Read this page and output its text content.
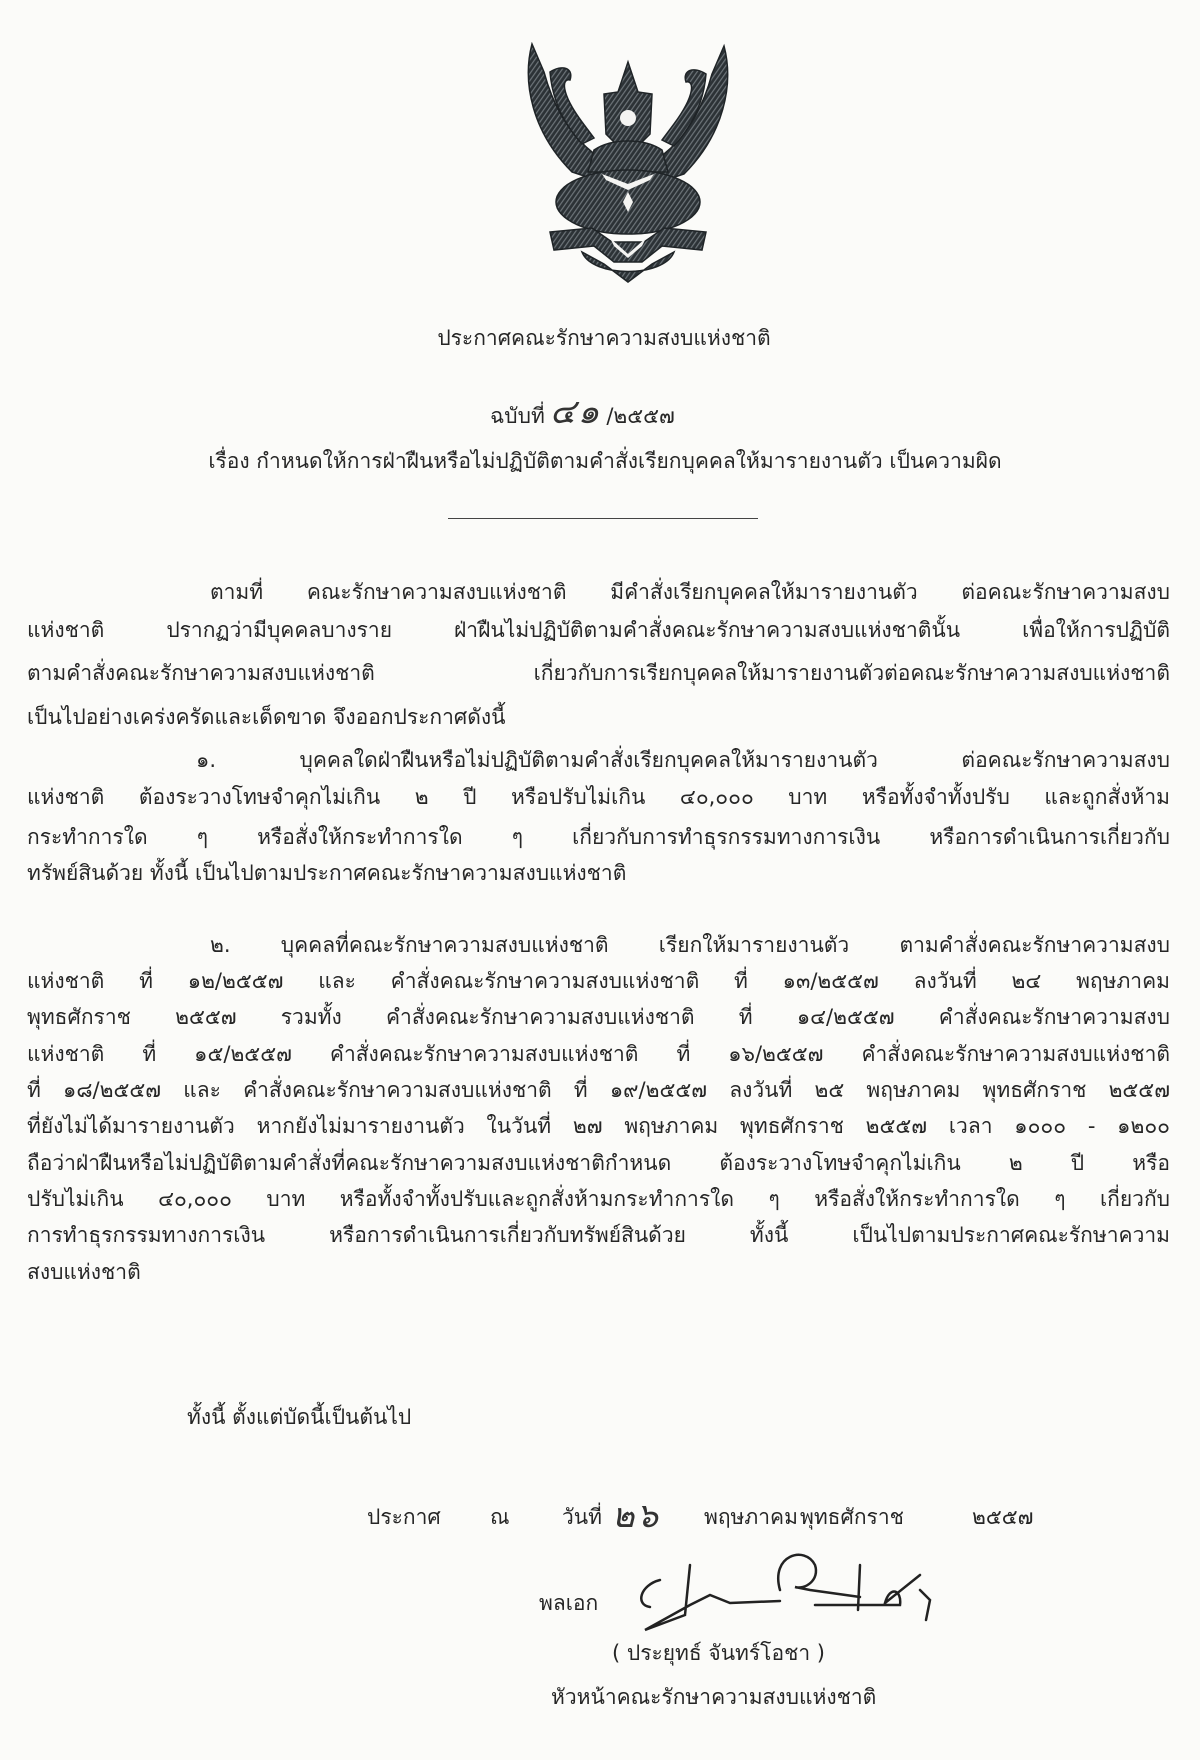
ประกาศคณะรักษาความสงบแห่งชาติ
ฉบับที่ ๔๑ /๒๕๕๗
เรื่อง กำหนดให้การฝ่าฝืนหรือไม่ปฏิบัติตามคำสั่งเรียกบุคคลให้มารายงานตัว เป็นความผิด
ตามที่ คณะรักษาความสงบแห่งชาติ มีคำสั่งเรียกบุคคลให้มารายงานตัว ต่อคณะรักษาความสงบ
แห่งชาติ ปรากฏว่ามีบุคคลบางราย ฝ่าฝืนไม่ปฏิบัติตามคำสั่งคณะรักษาความสงบแห่งชาตินั้น เพื่อให้การปฏิบัติ
ตามคำสั่งคณะรักษาความสงบแห่งชาติ เกี่ยวกับการเรียกบุคคลให้มารายงานตัวต่อคณะรักษาความสงบแห่งชาติ
เป็นไปอย่างเคร่งครัดและเด็ดขาด จึงออกประกาศดังนี้
๑. บุคคลใดฝ่าฝืนหรือไม่ปฏิบัติตามคำสั่งเรียกบุคคลให้มารายงานตัว ต่อคณะรักษาความสงบ
แห่งชาติ ต้องระวางโทษจำคุกไม่เกิน ๒ ปี หรือปรับไม่เกิน ๔๐,๐๐๐ บาท หรือทั้งจำทั้งปรับ และถูกสั่งห้าม
กระทำการใด ๆ หรือสั่งให้กระทำการใด ๆ เกี่ยวกับการทำธุรกรรมทางการเงิน หรือการดำเนินการเกี่ยวกับ
ทรัพย์สินด้วย ทั้งนี้ เป็นไปตามประกาศคณะรักษาความสงบแห่งชาติ
๒. บุคคลที่คณะรักษาความสงบแห่งชาติ เรียกให้มารายงานตัว ตามคำสั่งคณะรักษาความสงบ
แห่งชาติ ที่ ๑๒/๒๕๕๗ และ คำสั่งคณะรักษาความสงบแห่งชาติ ที่ ๑๓/๒๕๕๗ ลงวันที่ ๒๔ พฤษภาคม
พุทธศักราช ๒๕๕๗ รวมทั้ง คำสั่งคณะรักษาความสงบแห่งชาติ ที่ ๑๔/๒๕๕๗ คำสั่งคณะรักษาความสงบ
แห่งชาติ ที่ ๑๕/๒๕๕๗ คำสั่งคณะรักษาความสงบแห่งชาติ ที่ ๑๖/๒๕๕๗ คำสั่งคณะรักษาความสงบแห่งชาติ
ที่ ๑๘/๒๕๕๗ และ คำสั่งคณะรักษาความสงบแห่งชาติ ที่ ๑๙/๒๕๕๗ ลงวันที่ ๒๕ พฤษภาคม พุทธศักราช ๒๕๕๗
ที่ยังไม่ได้มารายงานตัว หากยังไม่มารายงานตัว ในวันที่ ๒๗ พฤษภาคม พุทธศักราช ๒๕๕๗ เวลา ๑๐๐๐ - ๑๒๐๐
ถือว่าฝ่าฝืนหรือไม่ปฏิบัติตามคำสั่งที่คณะรักษาความสงบแห่งชาติกำหนด ต้องระวางโทษจำคุกไม่เกิน ๒ ปี หรือ
ปรับไม่เกิน ๔๐,๐๐๐ บาท หรือทั้งจำทั้งปรับและถูกสั่งห้ามกระทำการใด ๆ หรือสั่งให้กระทำการใด ๆ เกี่ยวกับ
การทำธุรกรรมทางการเงิน หรือการดำเนินการเกี่ยวกับทรัพย์สินด้วย ทั้งนี้ เป็นไปตามประกาศคณะรักษาความ
สงบแห่งชาติ
ทั้งนี้ ตั้งแต่บัดนี้เป็นต้นไป
ประกาศ ณ	วันที่ ๒๖ พฤษภาคม พุทธศักราช	๒๕๕๗
พลเอก
( ประยุทธ์ จันทร์โอชา )
หัวหน้าคณะรักษาความสงบแห่งชาติ
